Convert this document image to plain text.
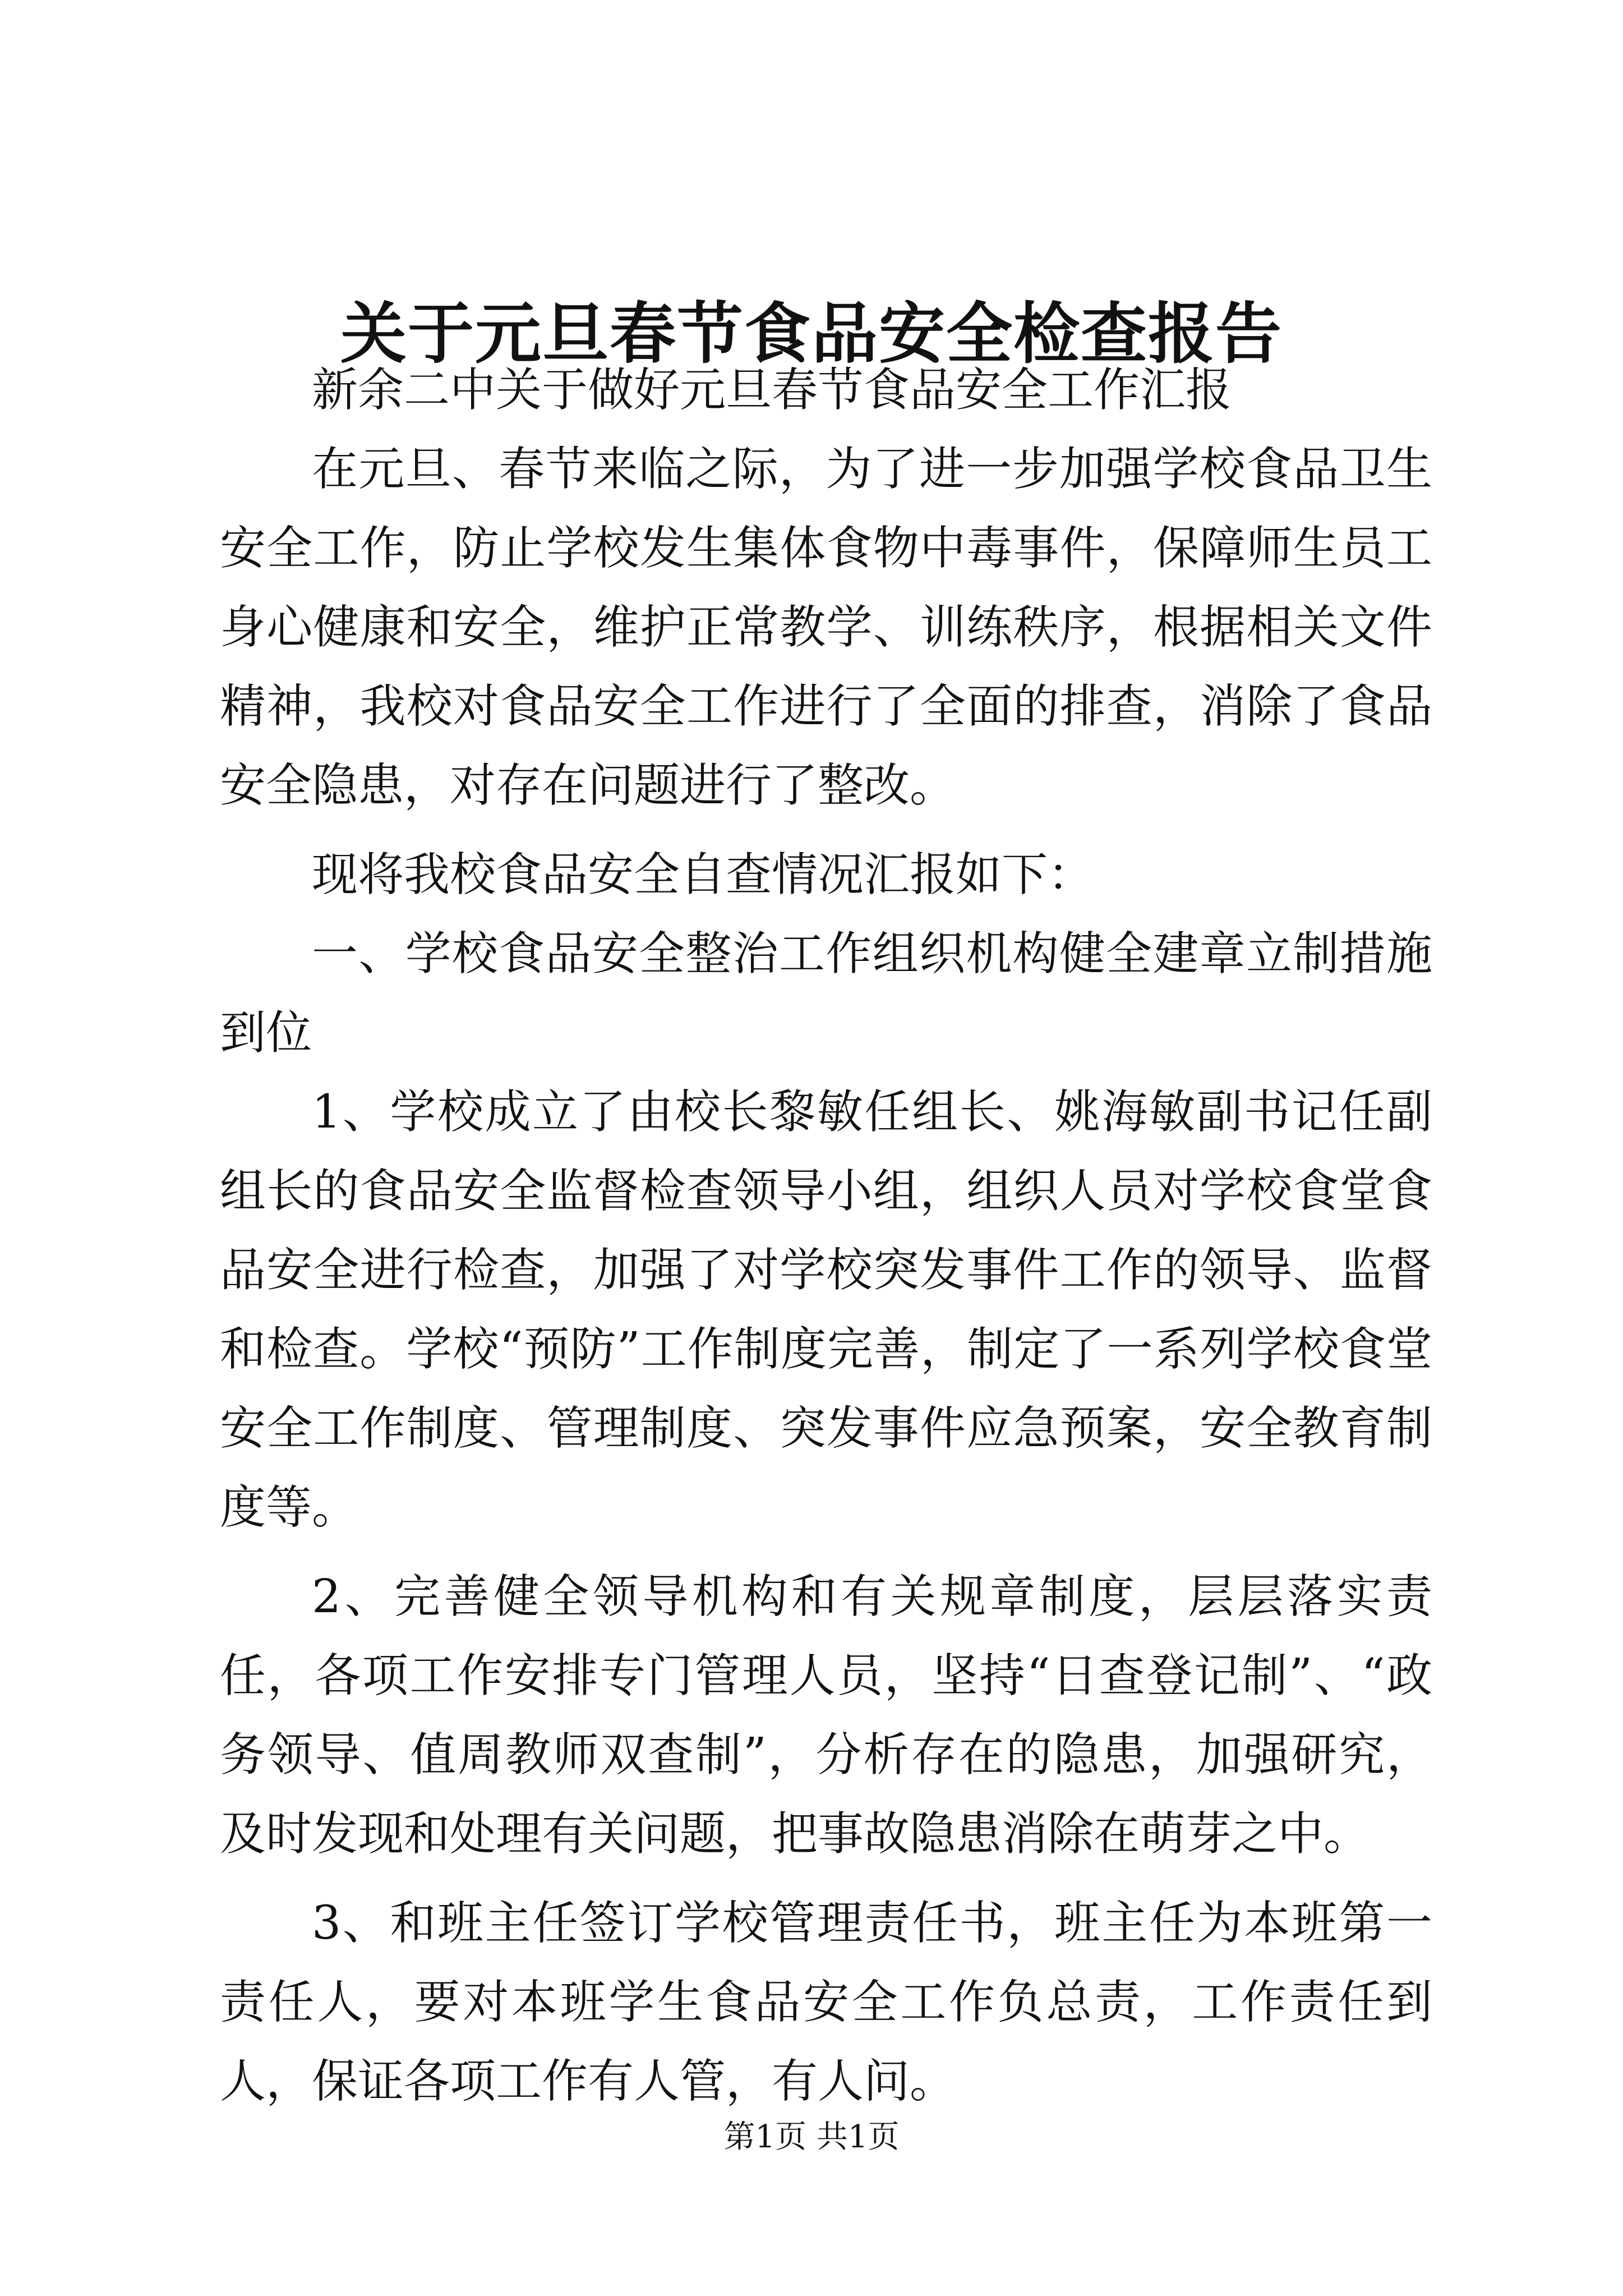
关于元旦春节食品安全检查报告

新余二中关于做好元旦春节食品安全工作汇报

在元旦、春节来临之际，为了进一步加强学校食品卫生安全工作，防止学校发生集体食物中毒事件，保障师生员工身心健康和安全，维护正常教学、训练秩序，根据相关文件精神，我校对食品安全工作进行了全面的排查，消除了食品安全隐患，对存在问题进行了整改。

现将我校食品安全自查情况汇报如下：

一、学校食品安全整治工作组织机构健全建章立制措施到位

1、学校成立了由校长黎敏任组长、姚海敏副书记任副组长的食品安全监督检查领导小组，组织人员对学校食堂食品安全进行检查，加强了对学校突发事件工作的领导、监督和检查。学校“预防”工作制度完善，制定了一系列学校食堂安全工作制度、管理制度、突发事件应急预案，安全教育制度等。

2、完善健全领导机构和有关规章制度，层层落实责任，各项工作安排专门管理人员，坚持“日查登记制”、“政务领导、值周教师双查制”，分析存在的隐患，加强研究，及时发现和处理有关问题，把事故隐患消除在萌芽之中。

3、和班主任签订学校管理责任书，班主任为本班第一责任人，要对本班学生食品安全工作负总责，工作责任到人，保证各项工作有人管，有人问。

第1页 共1页
